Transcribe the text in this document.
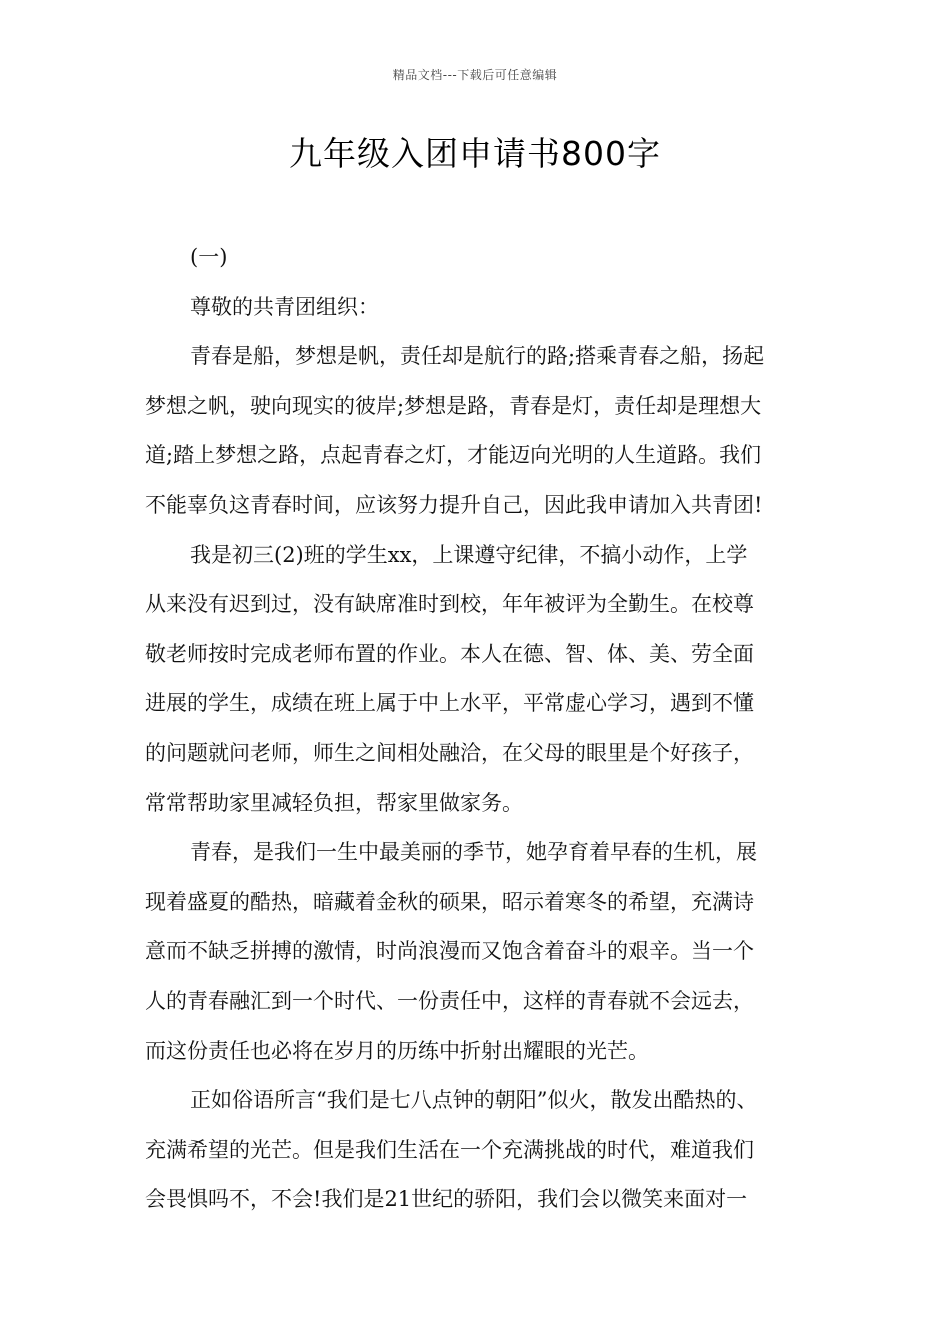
精品文档---下载后可任意编辑
九年级入团申请书800字

(一)

尊敬的共青团组织：

青春是船，梦想是帆，责任却是航行的路;搭乘青春之船，扬起
梦想之帆，驶向现实的彼岸;梦想是路，青春是灯，责任却是理想大
道;踏上梦想之路，点起青春之灯，才能迈向光明的人生道路。我们
不能辜负这青春时间，应该努力提升自己，因此我申请加入共青团!

我是初三(2)班的学生xx，上课遵守纪律，不搞小动作，上学
从来没有迟到过，没有缺席准时到校，年年被评为全勤生。在校尊
敬老师按时完成老师布置的作业。本人在德、智、体、美、劳全面
进展的学生，成绩在班上属于中上水平，平常虚心学习，遇到不懂
的问题就问老师，师生之间相处融洽，在父母的眼里是个好孩子，
常常帮助家里减轻负担，帮家里做家务。

青春，是我们一生中最美丽的季节，她孕育着早春的生机，展
现着盛夏的酷热，暗藏着金秋的硕果，昭示着寒冬的希望，充满诗
意而不缺乏拼搏的激情，时尚浪漫而又饱含着奋斗的艰辛。当一个
人的青春融汇到一个时代、一份责任中，这样的青春就不会远去，
而这份责任也必将在岁月的历练中折射出耀眼的光芒。

正如俗语所言“我们是七八点钟的朝阳”似火，散发出酷热的、
充满希望的光芒。但是我们生活在一个充满挑战的时代，难道我们
会畏惧吗不，不会!我们是21世纪的骄阳，我们会以微笑来面对一
